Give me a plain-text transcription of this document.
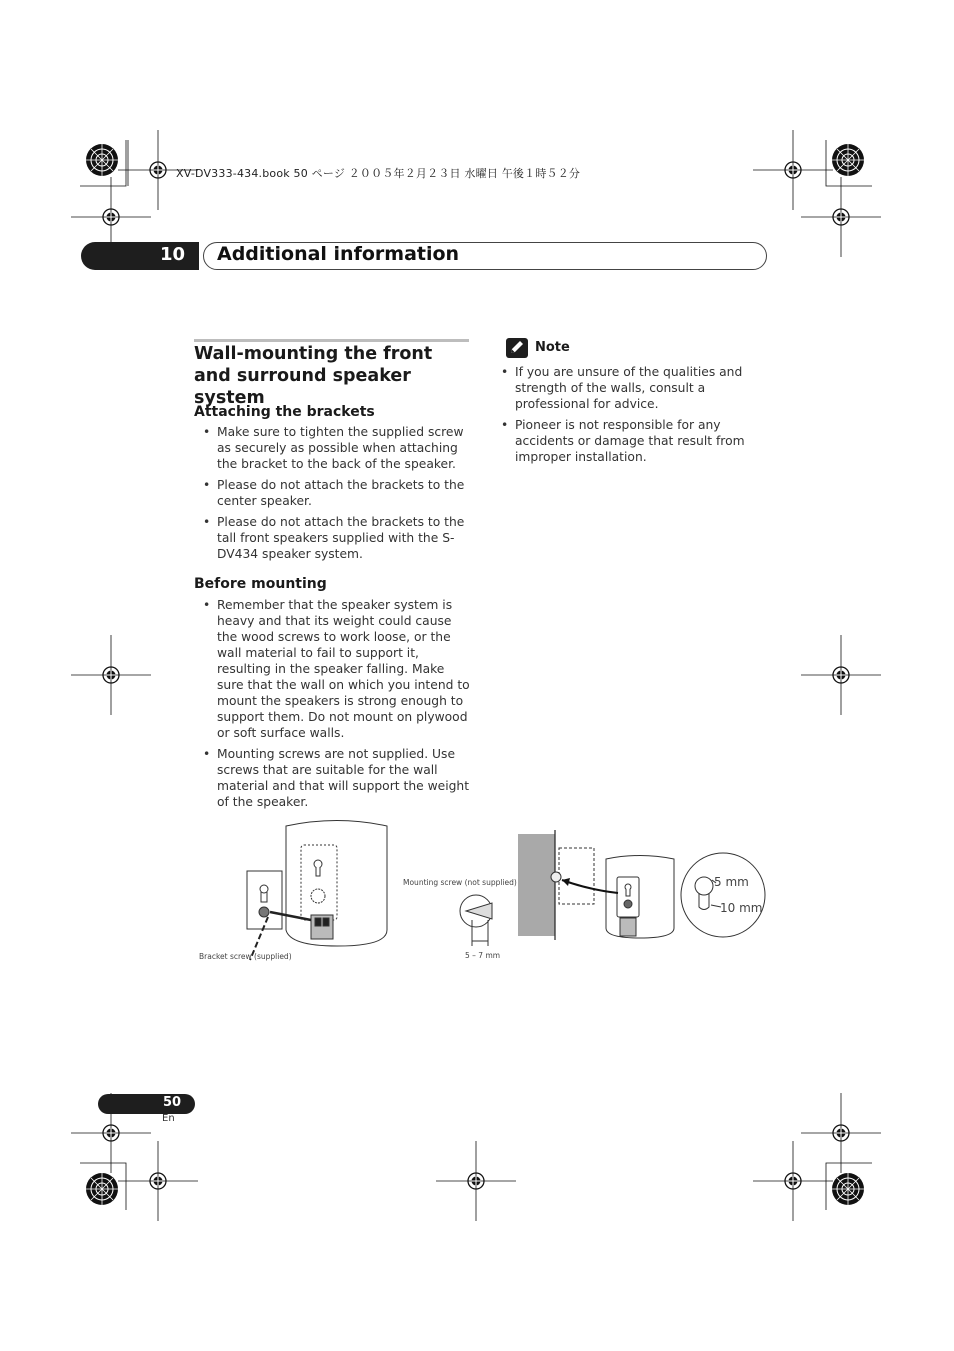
XV-DV333-434.book 50 ページ ２００５年２月２３日 水曜日 午後１時５２分
10 Additional information
Wall-mounting the front and surround speaker system
Attaching the brackets
• Make sure to tighten the supplied screw as securely as possible when attaching the bracket to the back of the speaker.
• Please do not attach the brackets to the center speaker.
• Please do not attach the brackets to the tall front speakers supplied with the S-DV434 speaker system.
Before mounting
• Remember that the speaker system is heavy and that its weight could cause the wood screws to work loose, or the wall material to fail to support it, resulting in the speaker falling. Make sure that the wall on which you intend to mount the speakers is strong enough to support them. Do not mount on plywood or soft surface walls.
• Mounting screws are not supplied. Use screws that are suitable for the wall material and that will support the weight of the speaker.
Note
• If you are unsure of the qualities and strength of the walls, consult a professional for advice.
• Pioneer is not responsible for any accidents or damage that result from improper installation.
Bracket screw (supplied)
Mounting screw (not supplied)
5 – 7 mm
5 mm
10 mm
50
En
